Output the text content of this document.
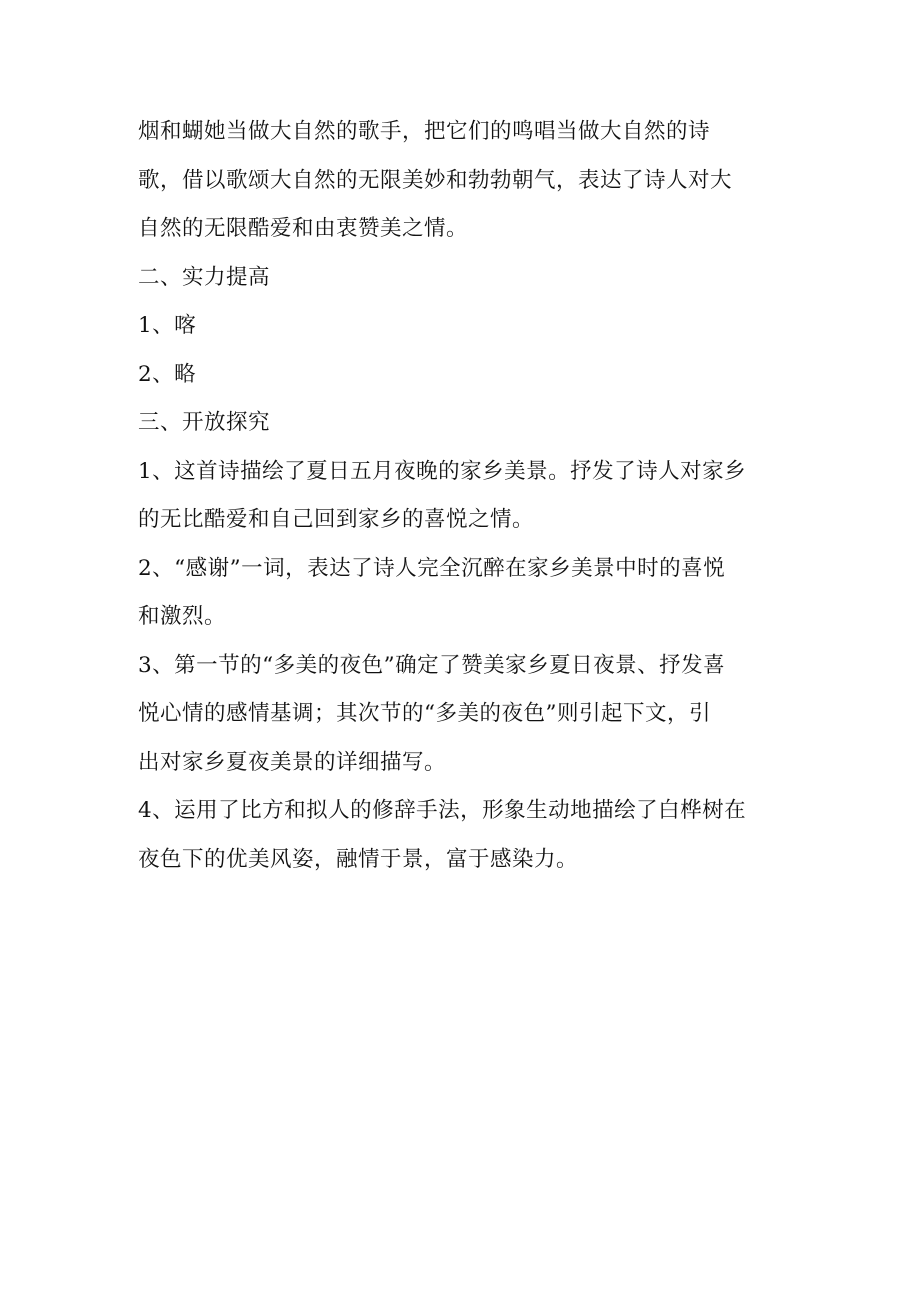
烟和蝴她当做大自然的歌手，把它们的鸣唱当做大自然的诗
歌，借以歌颂大自然的无限美妙和勃勃朝气，表达了诗人对大
自然的无限酷爱和由衷赞美之情。
二、实力提高
1、喀
2、略
三、开放探究
1、这首诗描绘了夏日五月夜晚的家乡美景。抒发了诗人对家乡
的无比酷爱和自己回到家乡的喜悦之情。
2、“感谢”一词，表达了诗人完全沉醉在家乡美景中时的喜悦
和激烈。
3、第一节的“多美的夜色”确定了赞美家乡夏日夜景、抒发喜
悦心情的感情基调；其次节的“多美的夜色”则引起下文，引
出对家乡夏夜美景的详细描写。
4、运用了比方和拟人的修辞手法，形象生动地描绘了白桦树在
夜色下的优美风姿，融情于景，富于感染力。
